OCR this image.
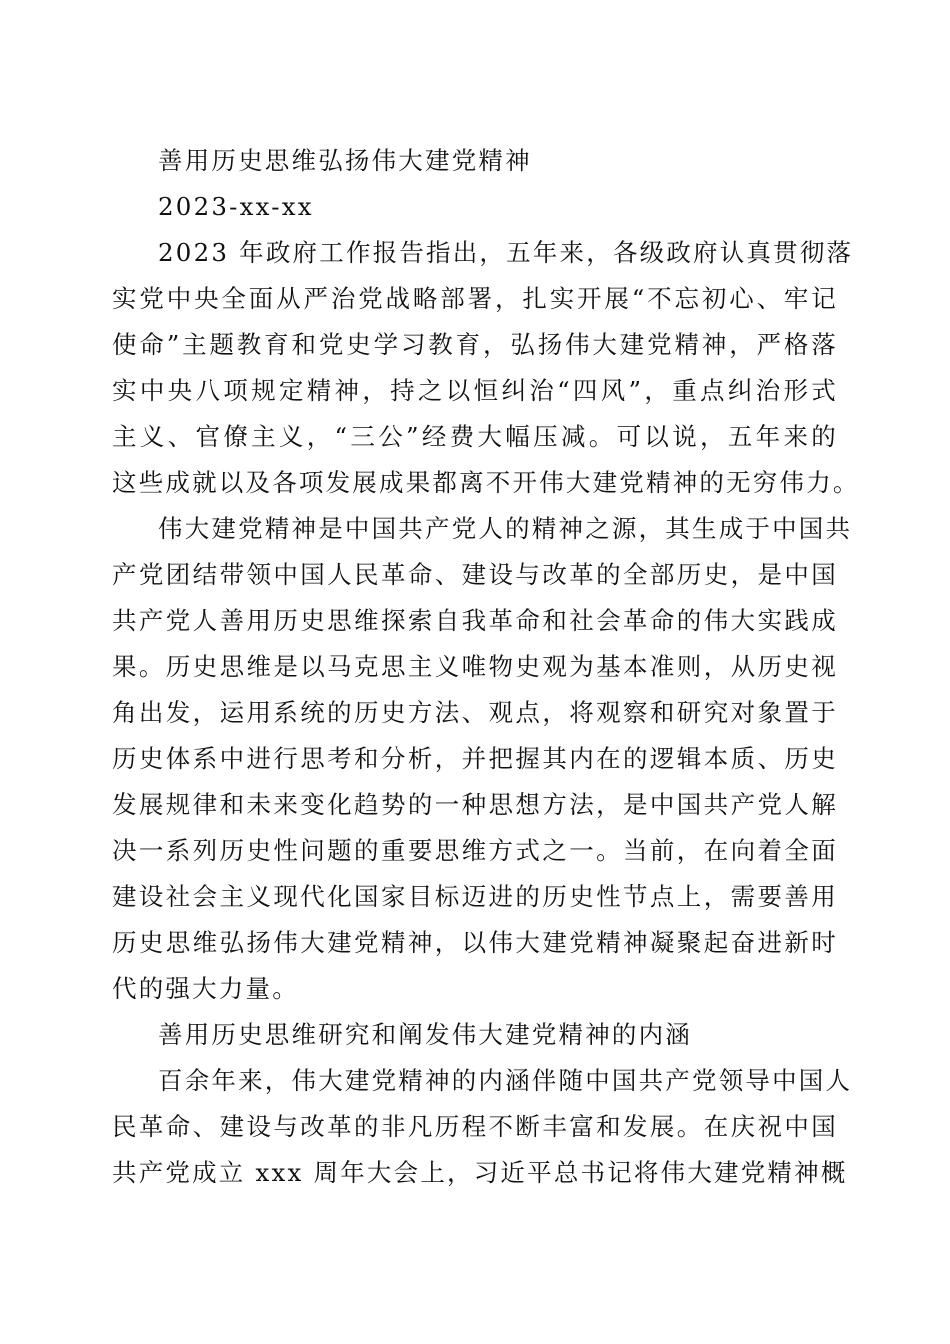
善用历史思维弘扬伟大建党精神
2023-xx-xx
2023 年政府工作报告指出，五年来，各级政府认真贯彻落
实党中央全面从严治党战略部署，扎实开展“不忘初心、牢记
使命”主题教育和党史学习教育，弘扬伟大建党精神，严格落
实中央八项规定精神，持之以恒纠治“四风”，重点纠治形式
主义、官僚主义，“三公”经费大幅压减。可以说，五年来的
这些成就以及各项发展成果都离不开伟大建党精神的无穷伟力。
伟大建党精神是中国共产党人的精神之源，其生成于中国共
产党团结带领中国人民革命、建设与改革的全部历史，是中国
共产党人善用历史思维探索自我革命和社会革命的伟大实践成
果。历史思维是以马克思主义唯物史观为基本准则，从历史视
角出发，运用系统的历史方法、观点，将观察和研究对象置于
历史体系中进行思考和分析，并把握其内在的逻辑本质、历史
发展规律和未来变化趋势的一种思想方法，是中国共产党人解
决一系列历史性问题的重要思维方式之一。当前，在向着全面
建设社会主义现代化国家目标迈进的历史性节点上，需要善用
历史思维弘扬伟大建党精神，以伟大建党精神凝聚起奋进新时
代的强大力量。
善用历史思维研究和阐发伟大建党精神的内涵
百余年来，伟大建党精神的内涵伴随中国共产党领导中国人
民革命、建设与改革的非凡历程不断丰富和发展。在庆祝中国
共产党成立 xxx 周年大会上，习近平总书记将伟大建党精神概
